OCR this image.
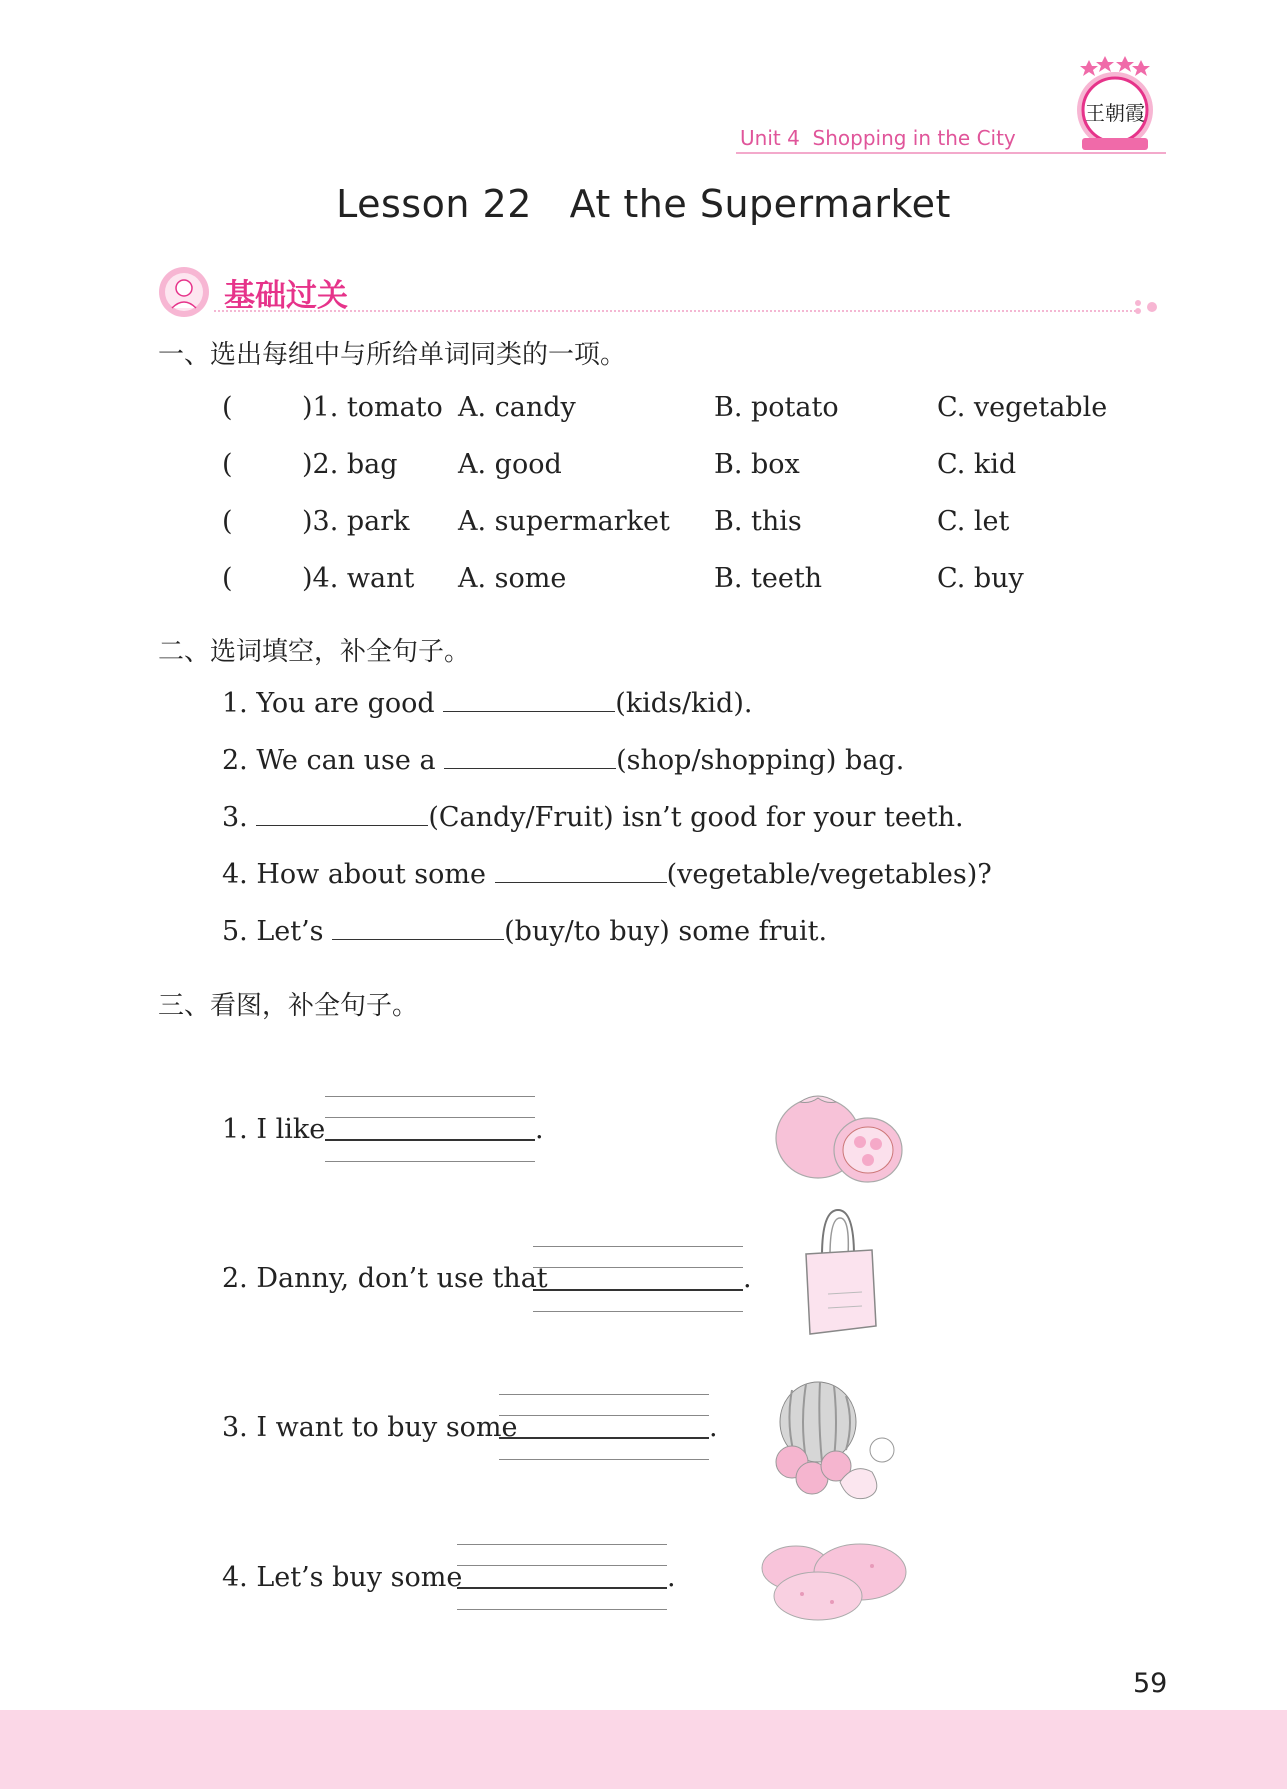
Unit 4 Shopping in the City
王朝霞
Lesson 22   At the Supermarket
基础过关
一、选出每组中与所给单词同类的一项。
(	)1. tomato A. candy	B. potato	C. vegetable
(	)2. bag A. good	B. box	C. kid
(	)3. park A. supermarket B. this	C. let
(	)4. want A. some	B. teeth	C. buy
二、选词填空，补全句子。
1. You are good	(kids/kid).
2. We can use a	(shop/shopping) bag.
3.	(Candy/Fruit) isn’t good for your teeth.
4. How about some	(vegetable/vegetables)?
5. Let’s	(buy/to buy) some fruit.
三、看图，补全句子。
1. I like	.
2. Danny, don’t use that	.
3. I want to buy some	.
4. Let’s buy some	.
59
